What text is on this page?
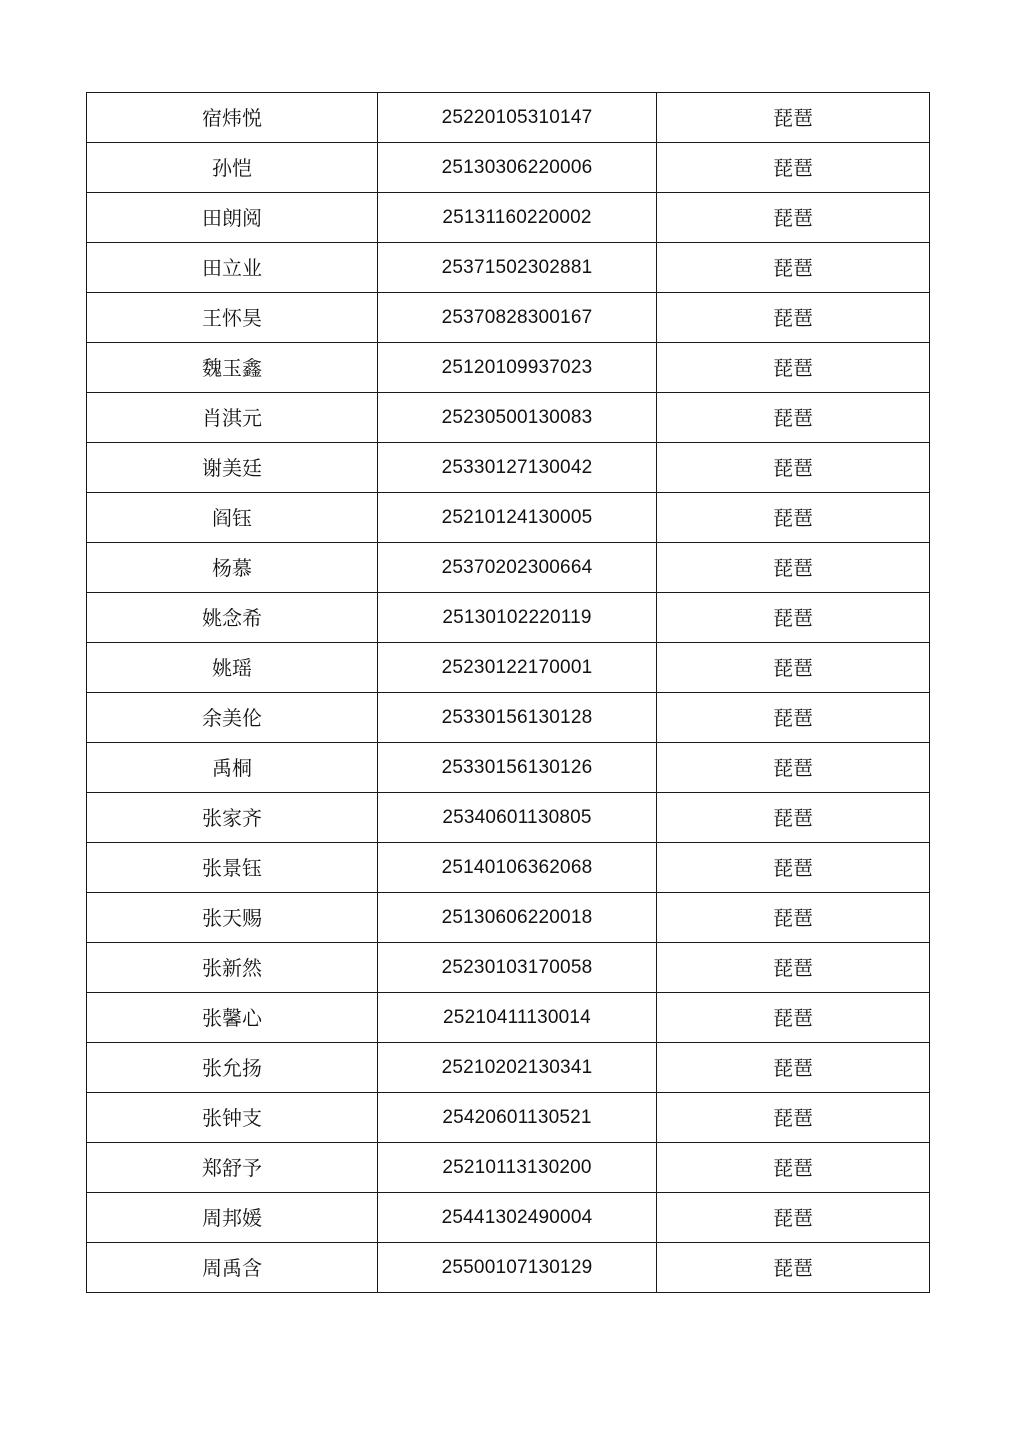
宿炜悦	25220105310147	琵琶
孙恺	25130306220006	琵琶
田朗阅	25131160220002	琵琶
田立业	25371502302881	琵琶
王怀昊	25370828300167	琵琶
魏玉鑫	25120109937023	琵琶
肖淇元	25230500130083	琵琶
谢美廷	25330127130042	琵琶
阎钰	25210124130005	琵琶
杨慕	25370202300664	琵琶
姚念希	25130102220119	琵琶
姚瑶	25230122170001	琵琶
余美伦	25330156130128	琵琶
禹桐	25330156130126	琵琶
张家齐	25340601130805	琵琶
张景钰	25140106362068	琵琶
张天赐	25130606220018	琵琶
张新然	25230103170058	琵琶
张馨心	25210411130014	琵琶
张允扬	25210202130341	琵琶
张钟支	25420601130521	琵琶
郑舒予	25210113130200	琵琶
周邦媛	25441302490004	琵琶
周禹含	25500107130129	琵琶
